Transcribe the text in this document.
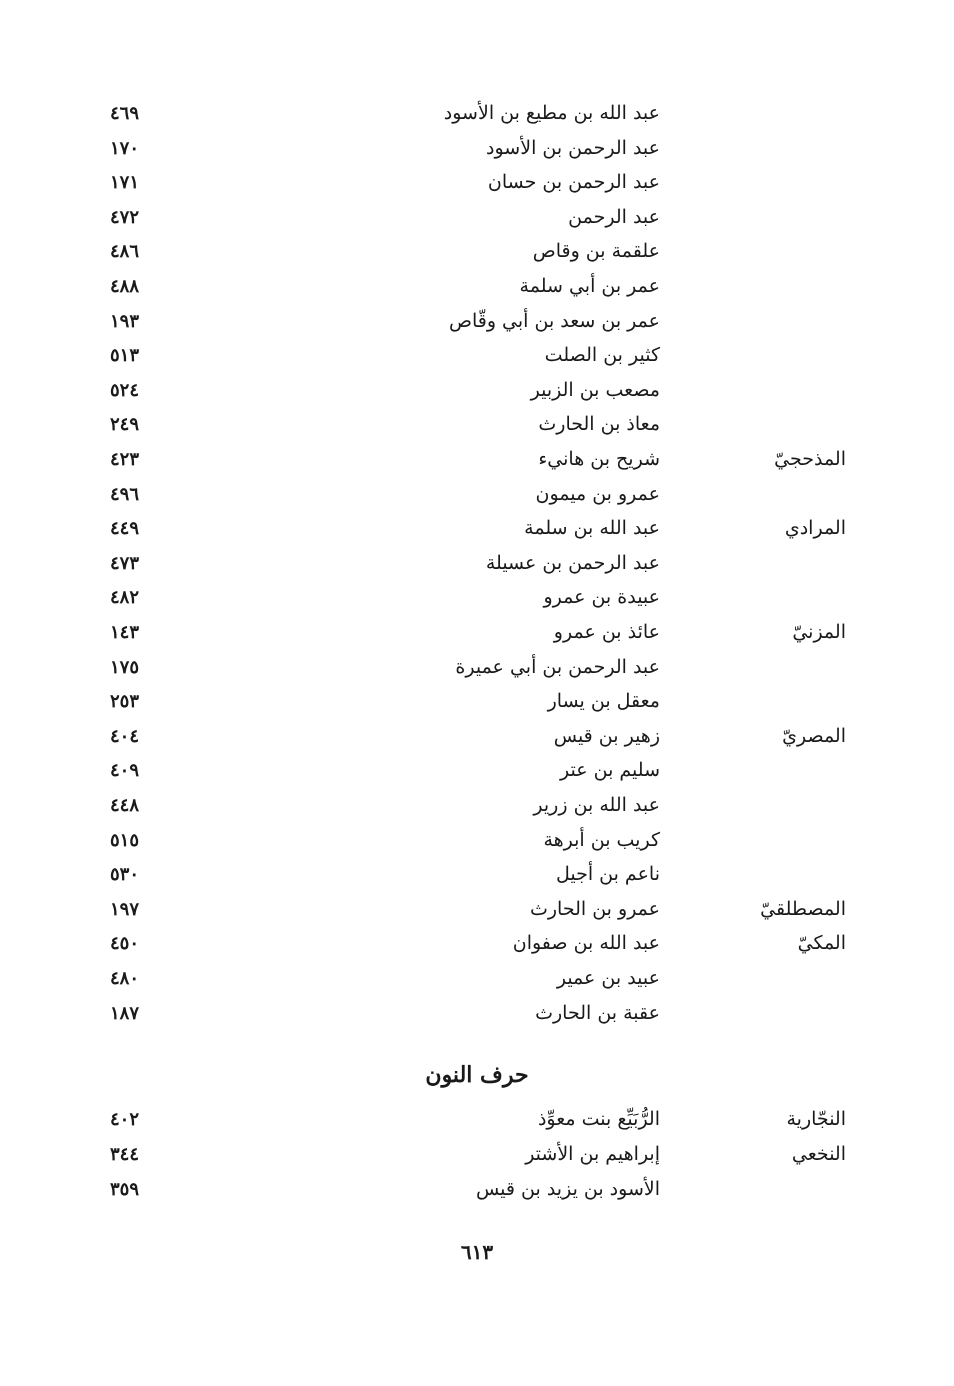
عبد الله بن مطيع بن الأسود
٤٦٩
عبد الرحمن بن الأسود
١٧٠
عبد الرحمن بن حسان
١٧١
عبد الرحمن
٤٧٢
علقمة بن وقاص
٤٨٦
عمر بن أبي سلمة
٤٨٨
عمر بن سعد بن أبي وقّاص
١٩٣
كثير بن الصلت
٥١٣
مصعب بن الزبير
٥٢٤
معاذ بن الحارث
٢٤٩
المذحجيّ
شريح بن هانيء
٤٢٣
عمرو بن ميمون
٤٩٦
المرادي
عبد الله بن سلمة
٤٤٩
عبد الرحمن بن عسيلة
٤٧٣
عبيدة بن عمرو
٤٨٢
المزنيّ
عائذ بن عمرو
١٤٣
عبد الرحمن بن أبي عميرة
١٧٥
معقل بن يسار
٢٥٣
المصريّ
زهير بن قيس
٤٠٤
سليم بن عتر
٤٠٩
عبد الله بن زرير
٤٤٨
كريب بن أبرهة
٥١٥
ناعم بن أجيل
٥٣٠
المصطلقيّ
عمرو بن الحارث
١٩٧
المكيّ
عبد الله بن صفوان
٤٥٠
عبيد بن عمير
٤٨٠
عقبة بن الحارث
١٨٧
حرف النون
النجّارية
الرُّبَيِّع بنت معوِّذ
٤٠٢
النخعي
إبراهيم بن الأشتر
٣٤٤
الأسود بن يزيد بن قيس
٣٥٩
٦١٣
